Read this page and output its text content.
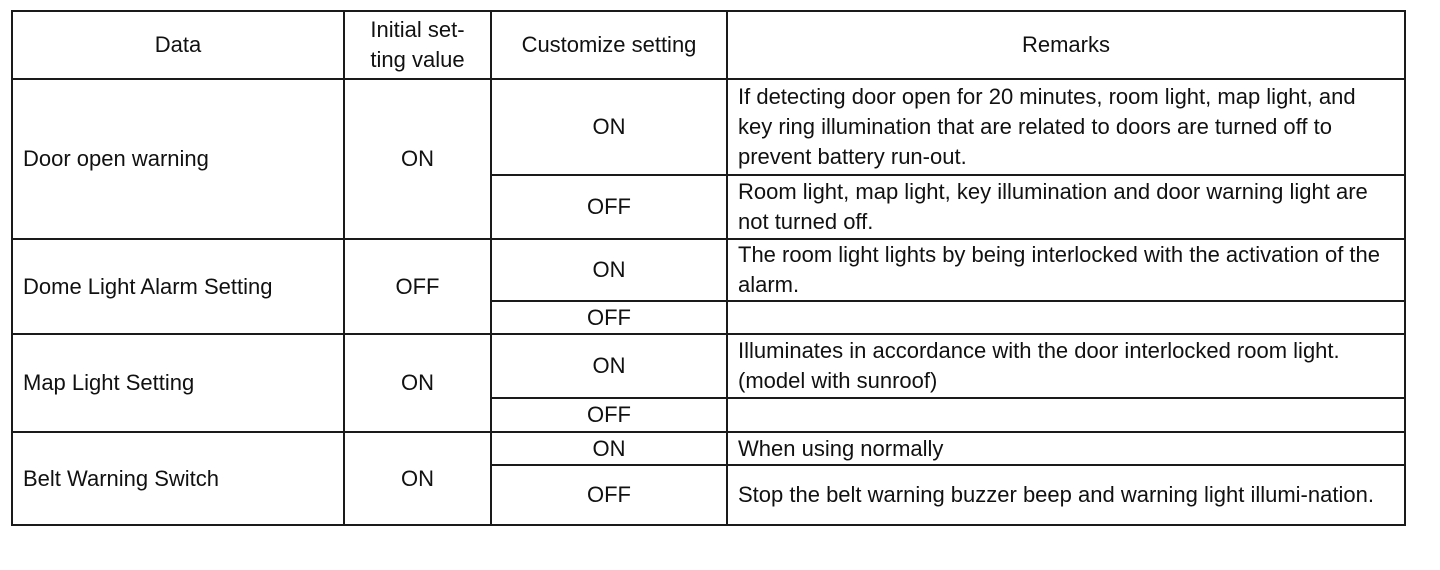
Data	Initial set-ting value	Customize setting	Remarks
Door open warning	ON	ON	If detecting door open for 20 minutes, room light, map light, and key ring illumination that are related to doors are turned off to prevent battery run-out.
		OFF	Room light, map light, key illumination and door warning light are not turned off.
Dome Light Alarm Setting	OFF	ON	The room light lights by being interlocked with the activation of the alarm.
		OFF	
Map Light Setting	ON	ON	Illuminates in accordance with the door interlocked room light. (model with sunroof)
		OFF	
Belt Warning Switch	ON	ON	When using normally
		OFF	Stop the belt warning buzzer beep and warning light illumi-nation.
